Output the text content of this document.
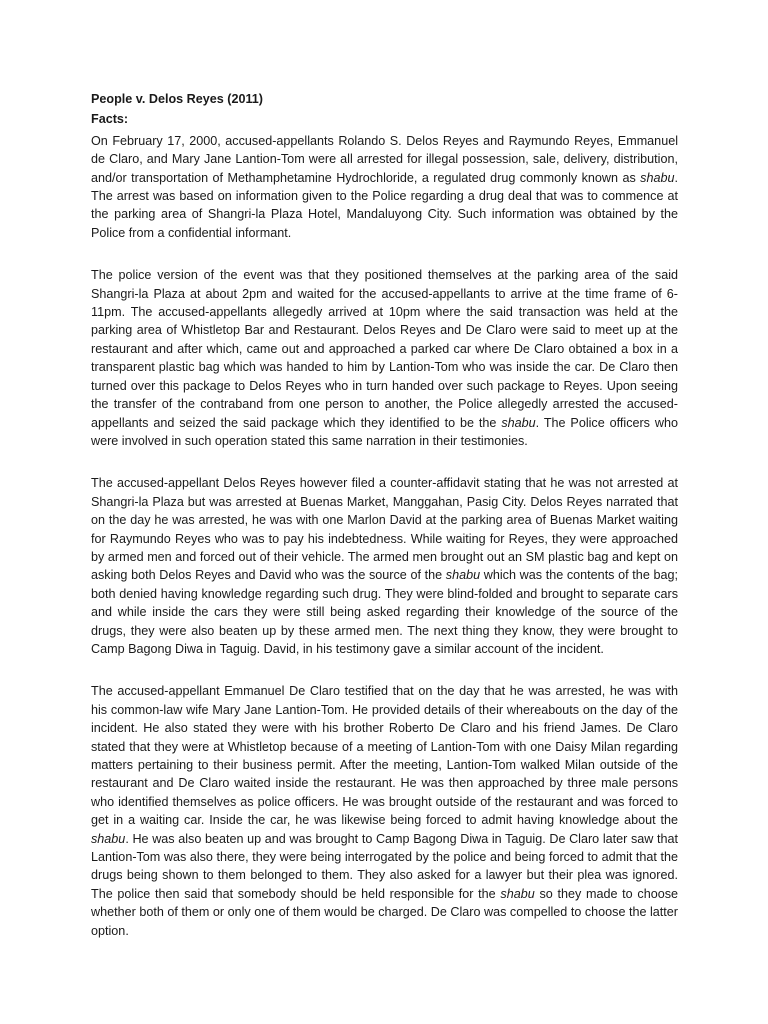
People v. Delos Reyes (2011)
Facts:

On February 17, 2000, accused-appellants Rolando S. Delos Reyes and Raymundo Reyes, Emmanuel de Claro, and Mary Jane Lantion-Tom were all arrested for illegal possession, sale, delivery, distribution, and/or transportation of Methamphetamine Hydrochloride, a regulated drug commonly known as shabu. The arrest was based on information given to the Police regarding a drug deal that was to commence at the parking area of Shangri-la Plaza Hotel, Mandaluyong City. Such information was obtained by the Police from a confidential informant.

The police version of the event was that they positioned themselves at the parking area of the said Shangri-la Plaza at about 2pm and waited for the accused-appellants to arrive at the time frame of 6-11pm. The accused-appellants allegedly arrived at 10pm where the said transaction was held at the parking area of Whistletop Bar and Restaurant. Delos Reyes and De Claro were said to meet up at the restaurant and after which, came out and approached a parked car where De Claro obtained a box in a transparent plastic bag which was handed to him by Lantion-Tom who was inside the car. De Claro then turned over this package to Delos Reyes who in turn handed over such package to Reyes. Upon seeing the transfer of the contraband from one person to another, the Police allegedly arrested the accused-appellants and seized the said package which they identified to be the shabu. The Police officers who were involved in such operation stated this same narration in their testimonies.

The accused-appellant Delos Reyes however filed a counter-affidavit stating that he was not arrested at Shangri-la Plaza but was arrested at Buenas Market, Manggahan, Pasig City. Delos Reyes narrated that on the day he was arrested, he was with one Marlon David at the parking area of Buenas Market waiting for Raymundo Reyes who was to pay his indebtedness. While waiting for Reyes, they were approached by armed men and forced out of their vehicle. The armed men brought out an SM plastic bag and kept on asking both Delos Reyes and David who was the source of the shabu which was the contents of the bag; both denied having knowledge regarding such drug. They were blind-folded and brought to separate cars and while inside the cars they were still being asked regarding their knowledge of the source of the drugs, they were also beaten up by these armed men. The next thing they know, they were brought to Camp Bagong Diwa in Taguig. David, in his testimony gave a similar account of the incident.

The accused-appellant Emmanuel De Claro testified that on the day that he was arrested, he was with his common-law wife Mary Jane Lantion-Tom. He provided details of their whereabouts on the day of the incident. He also stated they were with his brother Roberto De Claro and his friend James. De Claro stated that they were at Whistletop because of a meeting of Lantion-Tom with one Daisy Milan regarding matters pertaining to their business permit. After the meeting, Lantion-Tom walked Milan outside of the restaurant and De Claro waited inside the restaurant. He was then approached by three male persons who identified themselves as police officers. He was brought outside of the restaurant and was forced to get in a waiting car. Inside the car, he was likewise being forced to admit having knowledge about the shabu. He was also beaten up and was brought to Camp Bagong Diwa in Taguig. De Claro later saw that Lantion-Tom was also there, they were being interrogated by the police and being forced to admit that the drugs being shown to them belonged to them. They also asked for a lawyer but their plea was ignored. The police then said that somebody should be held responsible for the shabu so they made to choose whether both of them or only one of them would be charged. De Claro was compelled to choose the latter option.
